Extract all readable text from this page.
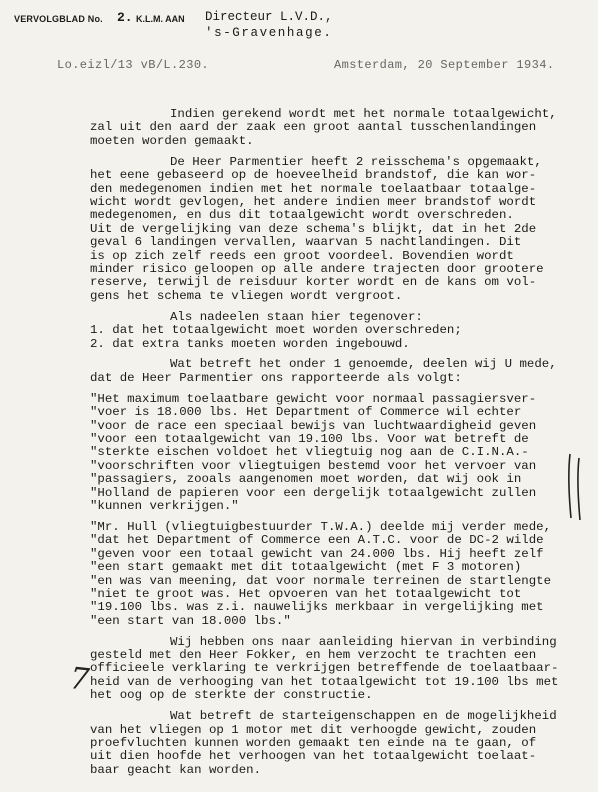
VERVOLGBLAD No. 2. K.L.M. AAN Directeur L.V.D.,
's-Gravenhage.
Lo.eizl/13 vB/L.230.	Amsterdam, 20 September 1934.
Indien gerekend wordt met het normale totaalgewicht,
zal uit den aard der zaak een groot aantal tusschenlandingen
moeten worden gemaakt.
De Heer Parmentier heeft 2 reisschema's opgemaakt,
het eene gebaseerd op de hoeveelheid brandstof, die kan wor-
den medegenomen indien met het normale toelaatbaar totaalge-
wicht wordt gevlogen, het andere indien meer brandstof wordt
medegenomen, en dus dit totaalgewicht wordt overschreden.
Uit de vergelijking van deze schema's blijkt, dat in het 2de
geval 6 landingen vervallen, waarvan 5 nachtlandingen. Dit
is op zich zelf reeds een groot voordeel. Bovendien wordt
minder risico geloopen op alle andere trajecten door grootere
reserve, terwijl de reisduur korter wordt en de kans om vol-
gens het schema te vliegen wordt vergroot.
Als nadeelen staan hier tegenover:
1. dat het totaalgewicht moet worden overschreden;
2. dat extra tanks moeten worden ingebouwd.
Wat betreft het onder 1 genoemde, deelen wij U mede,
dat de Heer Parmentier ons rapporteerde als volgt:
"Het maximum toelaatbare gewicht voor normaal passagiersver-
"voer is 18.000 lbs. Het Department of Commerce wil echter
"voor de race een speciaal bewijs van luchtwaardigheid geven
"voor een totaalgewicht van 19.100 lbs. Voor wat betreft de
"sterkte eischen voldoet het vliegtuig nog aan de C.I.N.A.-
"voorschriften voor vliegtuigen bestemd voor het vervoer van
"passagiers, zooals aangenomen moet worden, dat wij ook in
"Holland de papieren voor een dergelijk totaalgewicht zullen
"kunnen verkrijgen."
"Mr. Hull (vliegtuigbestuurder T.W.A.) deelde mij verder mede,
"dat het Department of Commerce een A.T.C. voor de DC-2 wilde
"geven voor een totaal gewicht van 24.000 lbs. Hij heeft zelf
"een start gemaakt met dit totaalgewicht (met F 3 motoren)
"en was van meening, dat voor normale terreinen de startlengte
"niet te groot was. Het opvoeren van het totaalgewicht tot
"19.100 lbs. was z.i. nauwelijks merkbaar in vergelijking met
"een start van 18.000 lbs."
Wij hebben ons naar aanleiding hiervan in verbinding
gesteld met den Heer Fokker, en hem verzocht te trachten een
officieele verklaring te verkrijgen betreffende de toelaatbaar-
heid van de verhooging van het totaalgewicht tot 19.100 lbs met
het oog op de sterkte der constructie.
Wat betreft de starteigenschappen en de mogelijkheid
van het vliegen op 1 motor met dit verhoogde gewicht, zouden
proefvluchten kunnen worden gemaakt ten einde na te gaan, of
uit dien hoofde het verhoogen van het totaalgewicht toelaat-
baar geacht kan worden.
7
